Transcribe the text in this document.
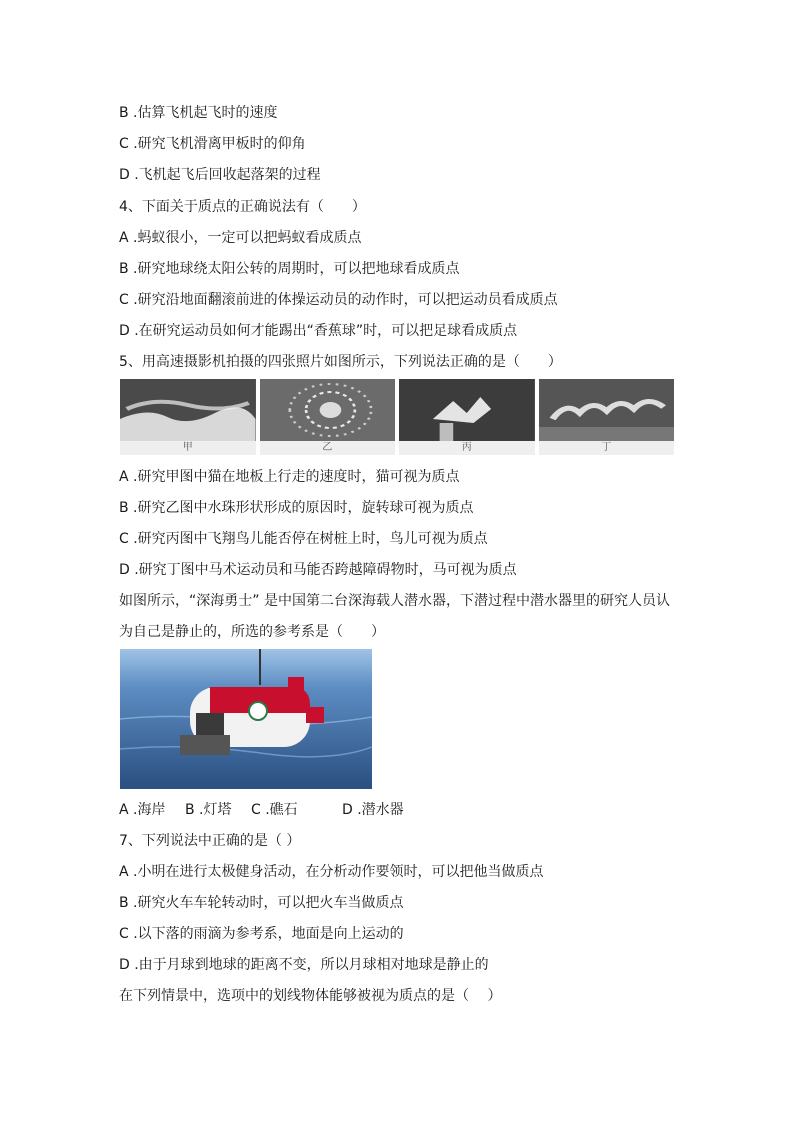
B .估算飞机起飞时的速度
C .研究飞机滑离甲板时的仰角
D .飞机起飞后回收起落架的过程
4、下面关于质点的正确说法有（　　）
A .蚂蚁很小，一定可以把蚂蚁看成质点
B .研究地球绕太阳公转的周期时，可以把地球看成质点
C .研究沿地面翻滚前进的体操运动员的动作时，可以把运动员看成质点
D .在研究运动员如何才能踢出“香蕉球”时，可以把足球看成质点
5、用高速摄影机拍摄的四张照片如图所示，下列说法正确的是（　　）
甲	乙	丙	丁
A .研究甲图中猫在地板上行走的速度时，猫可视为质点
B .研究乙图中水珠形状形成的原因时，旋转球可视为质点
C .研究丙图中飞翔鸟儿能否停在树桩上时，鸟儿可视为质点
D .研究丁图中马术运动员和马能否跨越障碍物时，马可视为质点
如图所示，“深海勇士” 是中国第二台深海载人潜水器，下潜过程中潜水器里的研究人员认
为自己是静止的，所选的参考系是（　　）
A .海岸 B .灯塔 C .礁石	D .潜水器
7、下列说法中正确的是（ ）
A .小明在进行太极健身活动，在分析动作要领时，可以把他当做质点
B .研究火车车轮转动时，可以把火车当做质点
C .以下落的雨滴为参考系，地面是向上运动的
D .由于月球到地球的距离不变，所以月球相对地球是静止的
在下列情景中，选项中的划线物体能够被视为质点的是（　 ）
